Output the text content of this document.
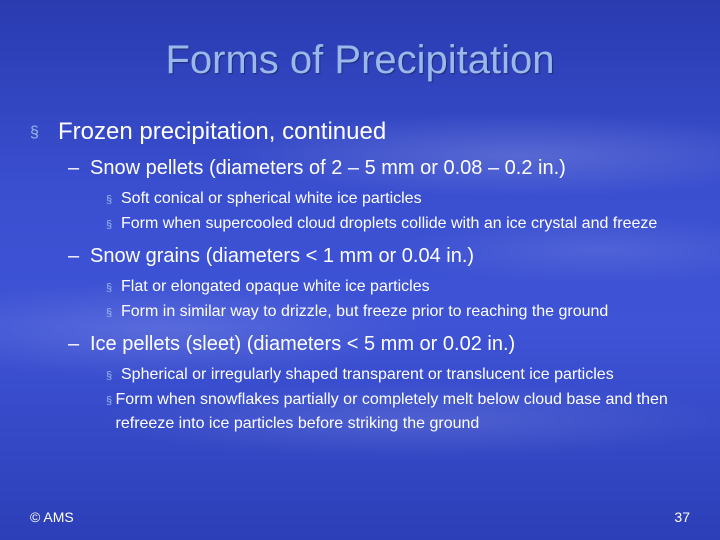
Forms of Precipitation
§ Frozen precipitation, continued
– Snow pellets (diameters of 2 – 5 mm or 0.08 – 0.2 in.)
§ Soft conical or spherical white ice particles
§ Form when supercooled cloud droplets collide with an ice crystal and freeze
– Snow grains (diameters < 1 mm or 0.04 in.)
§ Flat or elongated opaque white ice particles
§ Form in similar way to drizzle, but freeze prior to reaching the ground
– Ice pellets (sleet) (diameters < 5 mm or 0.02 in.)
§ Spherical or irregularly shaped transparent or translucent ice particles
§ Form when snowflakes partially or completely melt below cloud base and then refreeze into ice particles before striking the ground
© AMS	37
